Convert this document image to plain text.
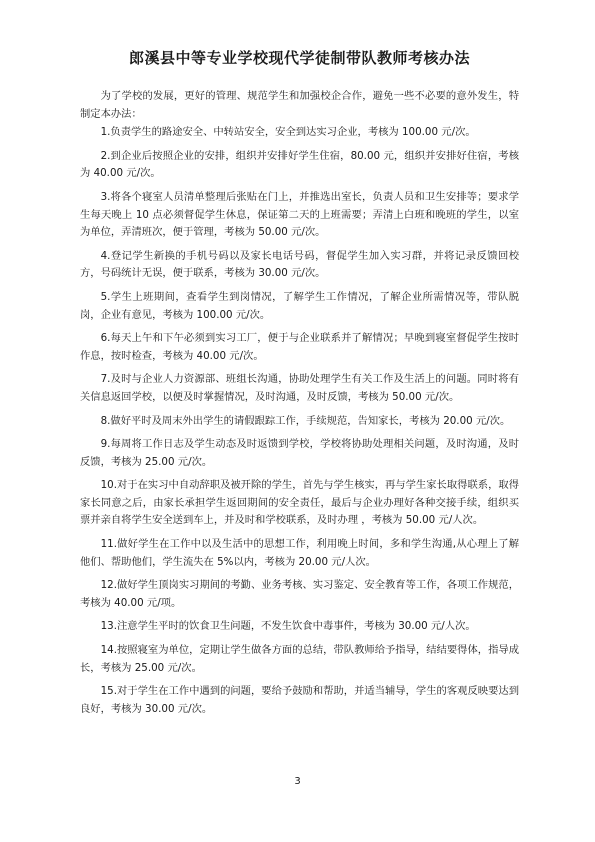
郎溪县中等专业学校现代学徒制带队教师考核办法

为了学校的发展，更好的管理、规范学生和加强校企合作，避免一些不必要的意外发生，特制定本办法：

1.负责学生的路途安全、中转站安全，安全到达实习企业，考核为 100.00 元/次。

2.到企业后按照企业的安排，组织并安排好学生住宿，80.00 元，组织并安排好住宿，考核为 40.00 元/次。

3.将各个寝室人员清单整理后张贴在门上，并推选出室长，负责人员和卫生安排等；要求学生每天晚上 10 点必须督促学生休息，保证第二天的上班需要；弄清上白班和晚班的学生，以室为单位，弄清班次，便于管理，考核为 50.00 元/次。

4.登记学生新换的手机号码以及家长电话号码，督促学生加入实习群，并将记录反馈回校方，号码统计无误，便于联系，考核为 30.00 元/次。

5.学生上班期间，查看学生到岗情况，了解学生工作情况，了解企业所需情况等，带队脱岗，企业有意见，考核为 100.00 元/次。

6.每天上午和下午必须到实习工厂，便于与企业联系并了解情况；早晚到寝室督促学生按时作息，按时检查，考核为 40.00 元/次。

7.及时与企业人力资源部、班组长沟通，协助处理学生有关工作及生活上的问题。同时将有关信息返回学校，以便及时掌握情况，及时沟通，及时反馈，考核为 50.00 元/次。

8.做好平时及周末外出学生的请假跟踪工作，手续规范，告知家长，考核为 20.00 元/次。

9.每周将工作日志及学生动态及时返馈到学校，学校将协助处理相关问题，及时沟通，及时反馈，考核为 25.00 元/次。

10.对于在实习中自动辞职及被开除的学生，首先与学生核实，再与学生家长取得联系，取得家长同意之后，由家长承担学生返回期间的安全责任，最后与企业办理好各种交接手续，组织买票并亲自将学生安全送到车上，并及时和学校联系，及时办理 ，考核为 50.00 元/人次。

11.做好学生在工作中以及生活中的思想工作，利用晚上时间，多和学生沟通,从心理上了解他们、帮助他们，学生流失在 5%以内，考核为 20.00 元/人次。

12.做好学生顶岗实习期间的考勤、业务考核、实习鉴定、安全教育等工作，各项工作规范，考核为 40.00 元/项。

13.注意学生平时的饮食卫生问题，不发生饮食中毒事件，考核为 30.00 元/人次。

14.按照寝室为单位，定期让学生做各方面的总结，带队教师给予指导，结结要得体，指导成长，考核为 25.00 元/次。

15.对于学生在工作中遇到的问题，要给予鼓励和帮助，并适当辅导，学生的客观反映要达到良好，考核为 30.00 元/次。

3
